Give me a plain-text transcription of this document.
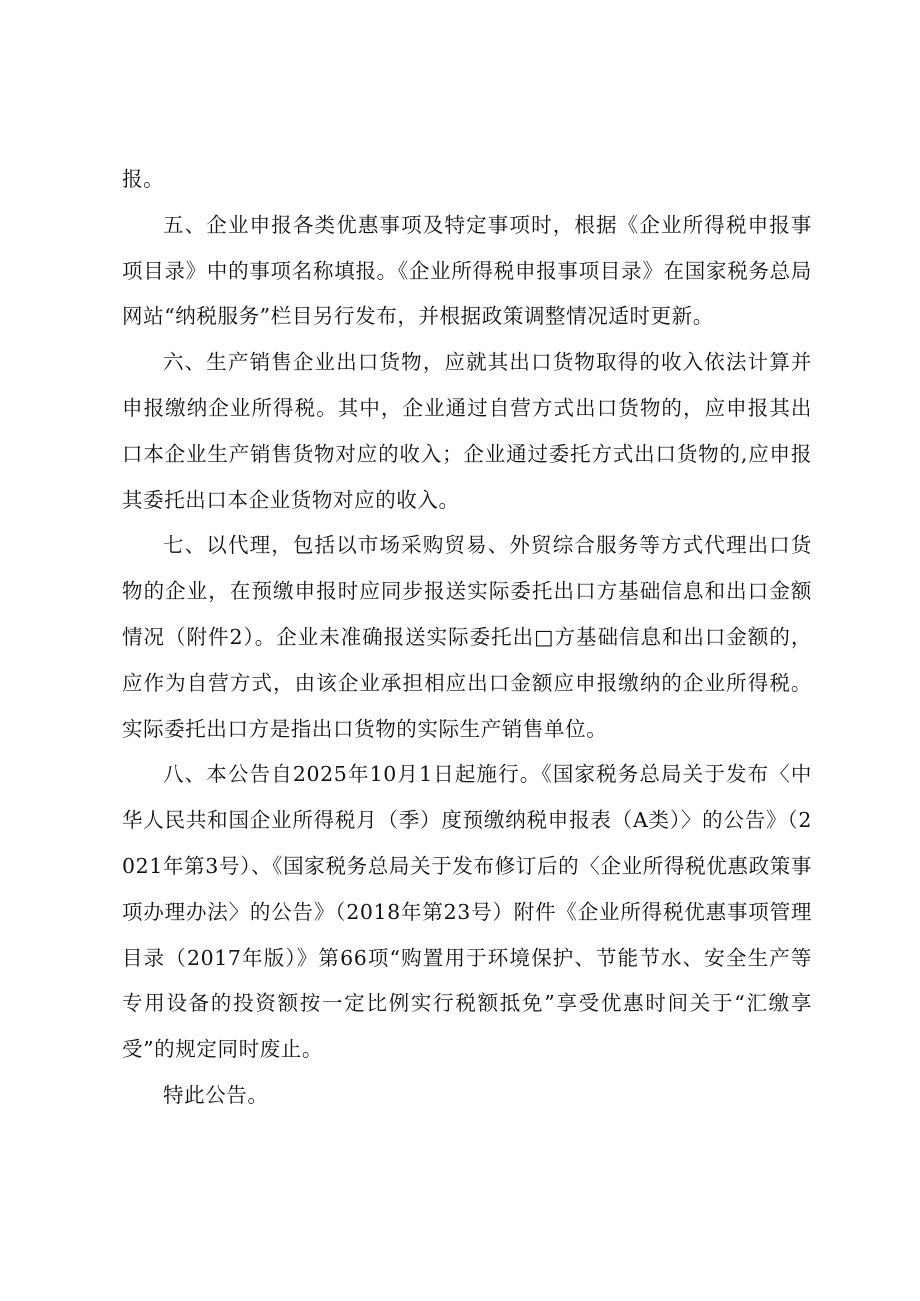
报。

五、企业申报各类优惠事项及特定事项时，根据《企业所得税申报事项目录》中的事项名称填报。《企业所得税申报事项目录》在国家税务总局网站“纳税服务”栏目另行发布，并根据政策调整情况适时更新。

六、生产销售企业出口货物，应就其出口货物取得的收入依法计算并申报缴纳企业所得税。其中，企业通过自营方式出口货物的，应申报其出口本企业生产销售货物对应的收入；企业通过委托方式出口货物的,应申报其委托出口本企业货物对应的收入。

七、以代理，包括以市场采购贸易、外贸综合服务等方式代理出口货物的企业，在预缴申报时应同步报送实际委托出口方基础信息和出口金额情况（附件2）。企业未准确报送实际委托出□方基础信息和出口金额的，应作为自营方式，由该企业承担相应出口金额应申报缴纳的企业所得税。实际委托出口方是指出口货物的实际生产销售单位。

八、本公告自2025年10月1日起施行。《国家税务总局关于发布〈中华人民共和国企业所得税月（季）度预缴纳税申报表（A类）〉的公告》（2021年第3号）、《国家税务总局关于发布修订后的〈企业所得税优惠政策事项办理办法〉的公告》（2018年第23号）附件《企业所得税优惠事项管理目录（2017年版）》第66项“购置用于环境保护、节能节水、安全生产等专用设备的投资额按一定比例实行税额抵免”享受优惠时间关于“汇缴享受”的规定同时废止。

特此公告。
